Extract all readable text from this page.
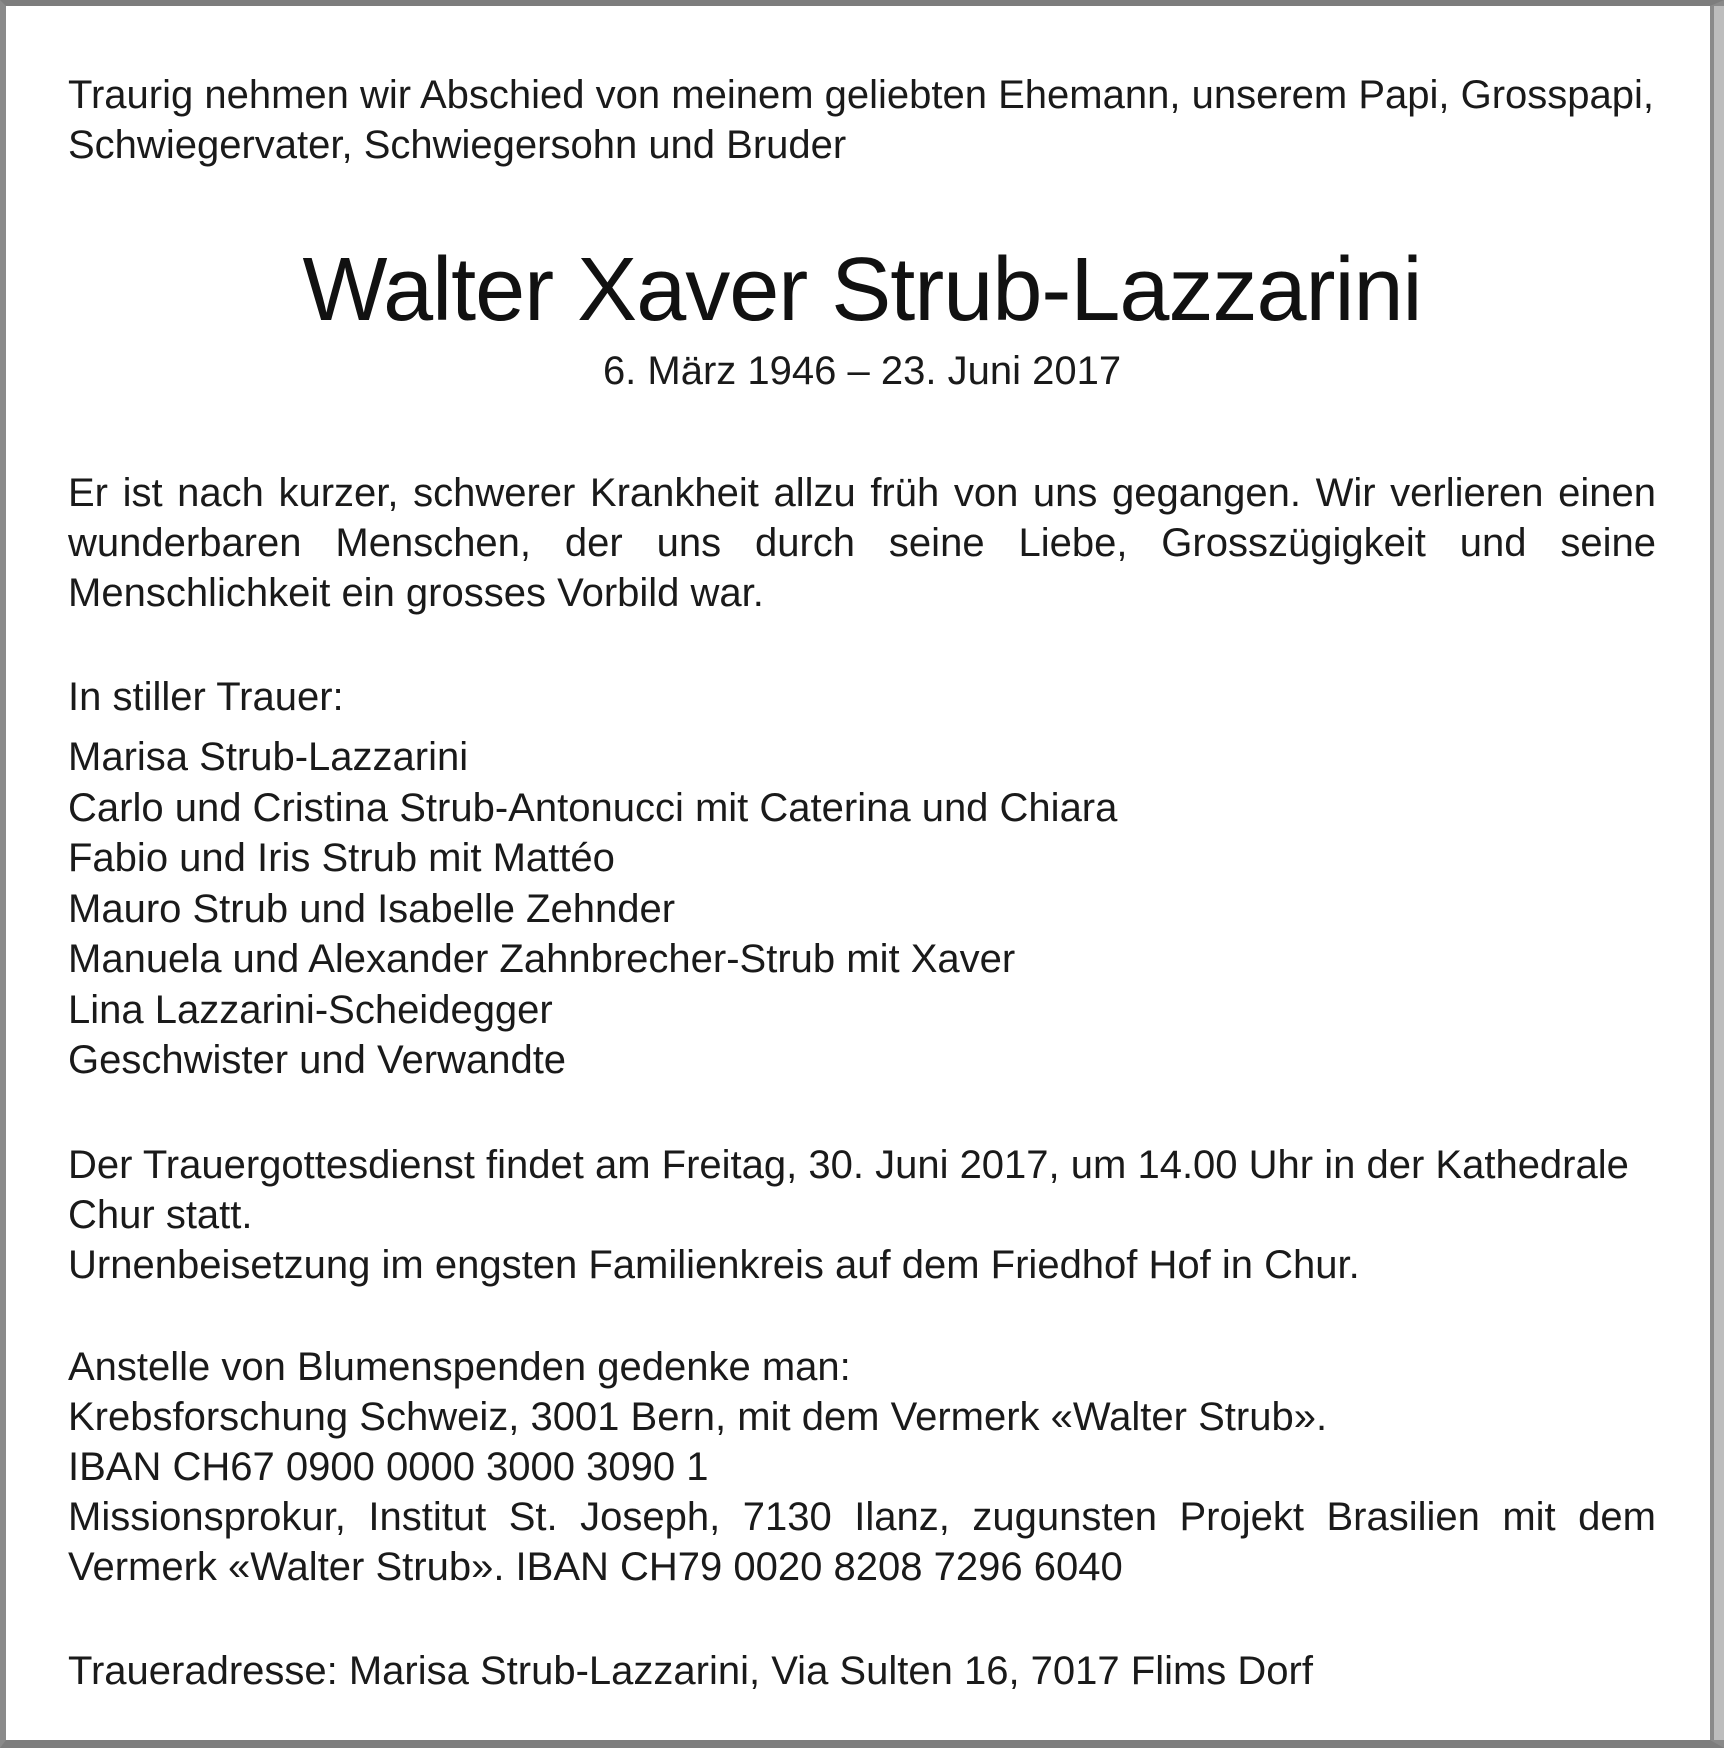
Traurig nehmen wir Abschied von meinem geliebten Ehemann, unserem Papi, Grosspapi,
Schwiegervater, Schwiegersohn und Bruder
Walter Xaver Strub-Lazzarini
6. März 1946 – 23. Juni 2017

Er ist nach kurzer, schwerer Krankheit allzu früh von uns gegangen. Wir verlieren einen wunderbaren Menschen, der uns durch seine Liebe, Grosszügigkeit und seine Menschlichkeit ein grosses Vorbild war.

In stiller Trauer:
Marisa Strub-Lazzarini
Carlo und Cristina Strub-Antonucci mit Caterina und Chiara
Fabio und Iris Strub mit Mattéo
Mauro Strub und Isabelle Zehnder
Manuela und Alexander Zahnbrecher-Strub mit Xaver
Lina Lazzarini-Scheidegger
Geschwister und Verwandte
Der Trauergottesdienst findet am Freitag, 30. Juni 2017, um 14.00 Uhr in der Kathedrale
Chur statt.
Urnenbeisetzung im engsten Familienkreis auf dem Friedhof Hof in Chur.
Anstelle von Blumenspenden gedenke man:
Krebsforschung Schweiz, 3001 Bern, mit dem Vermerk «Walter Strub».
IBAN CH67 0900 0000 3000 3090 1
Missionsprokur, Institut St. Joseph, 7130 Ilanz, zugunsten Projekt Brasilien mit dem Vermerk «Walter Strub». IBAN CH79 0020 8208 7296 6040
Traueradresse: Marisa Strub-Lazzarini, Via Sulten 16, 7017 Flims Dorf
